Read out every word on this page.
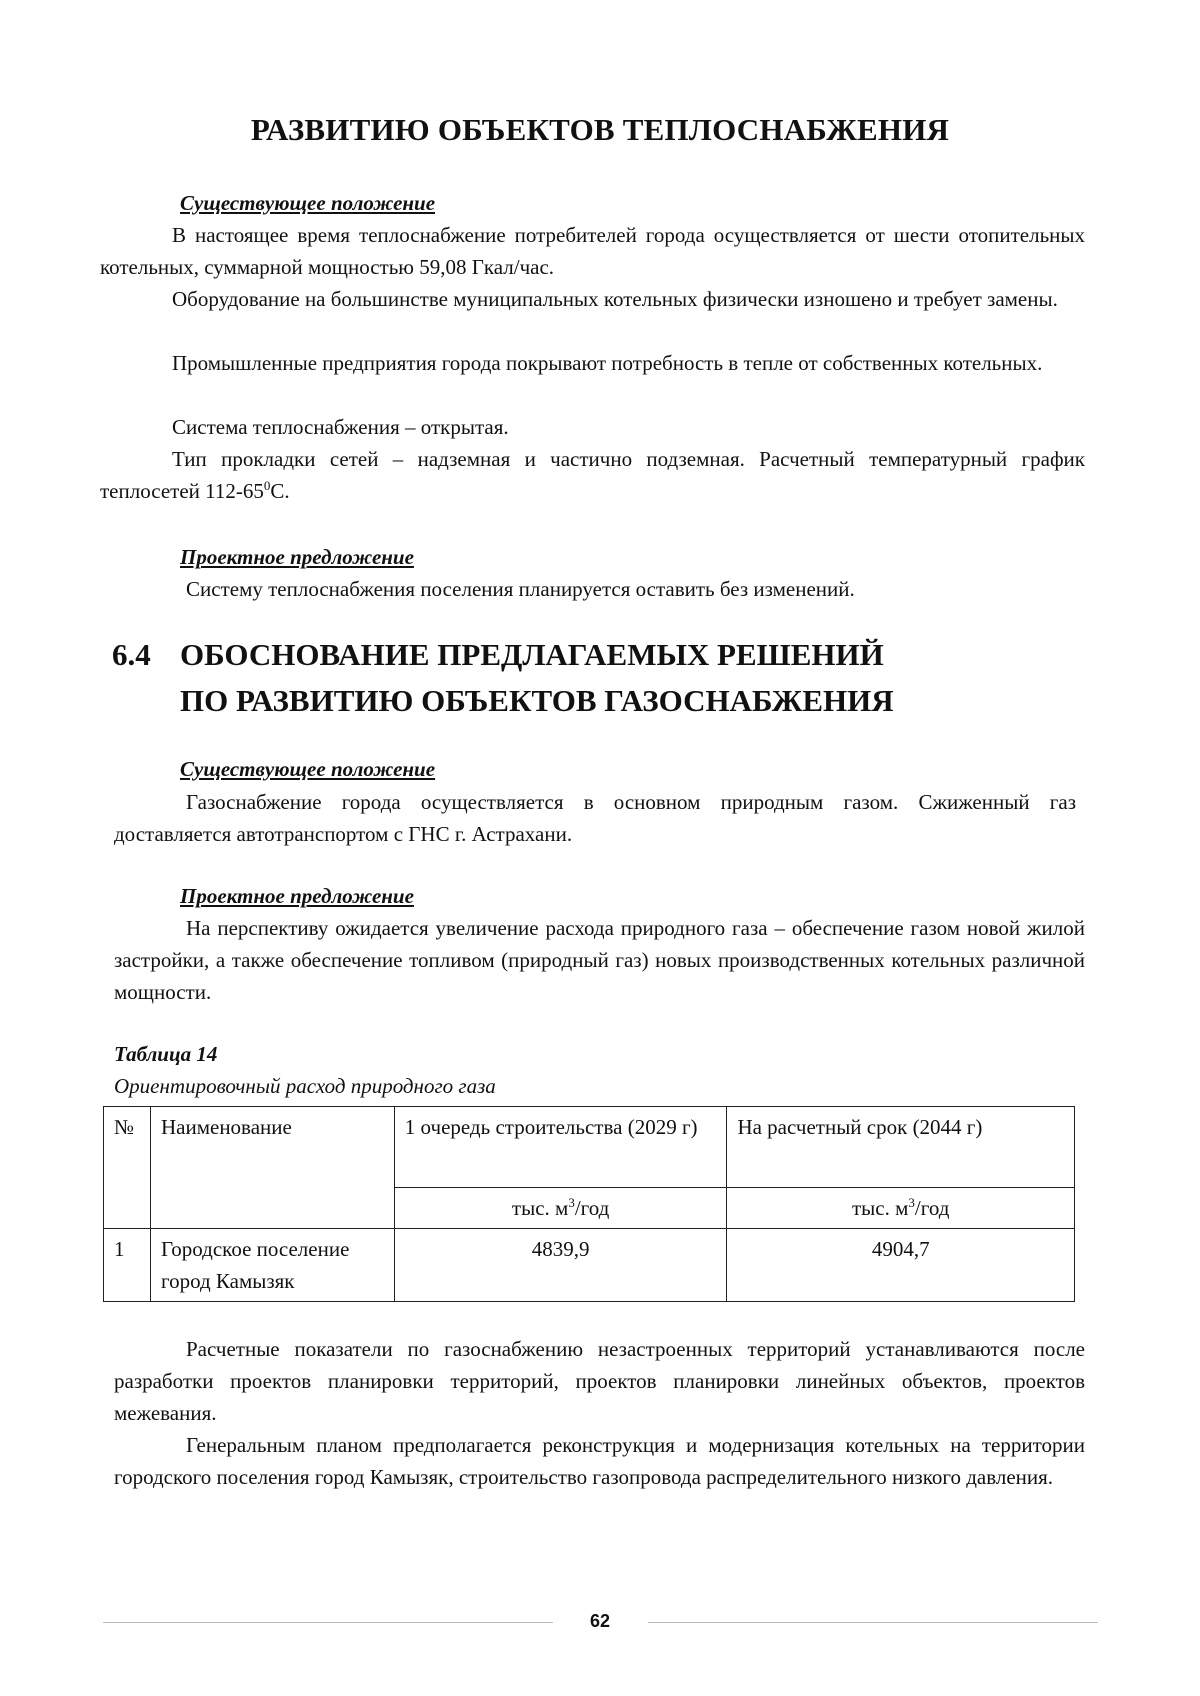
РАЗВИТИЮ ОБЪЕКТОВ ТЕПЛОСНАБЖЕНИЯ
Существующее положение
В настоящее время теплоснабжение потребителей города осуществляется от шести отопительных котельных, суммарной мощностью 59,08 Гкал/час.
Оборудование на большинстве муниципальных котельных физически изношено и требует замены.
Промышленные предприятия города покрывают потребность в тепле от собственных котельных.
Система теплоснабжения – открытая.
Тип прокладки сетей – надземная и частично подземная. Расчетный температурный график теплосетей $112-65^0С$.
Проектное предложение
Систему теплоснабжения поселения планируется оставить без изменений.
6.4 ОБОСНОВАНИЕ ПРЕДЛАГАЕМЫХ РЕШЕНИЙ
ПО РАЗВИТИЮ ОБЪЕКТОВ ГАЗОСНАБЖЕНИЯ
Существующее положение
Газоснабжение города осуществляется в основном природным газом. Сжиженный газ доставляется автотранспортом с ГНС г. Астрахани.
Проектное предложение
На перспективу ожидается увеличение расхода природного газа – обеспечение газом новой жилой застройки, а также обеспечение топливом (природный газ) новых производственных котельных различной мощности.
Таблица 14
Ориентировочный расход природного газа
№	Наименование	1 очередь строительства (2029 г)	На расчетный срок (2044 г)
		тыс. $м^3$/год	тыс. $м^3$/год
1	Городское поселение город Камызяк	4839,9	4904,7
Расчетные показатели по газоснабжению незастроенных территорий устанавливаются после разработки проектов планировки территорий, проектов планировки линейных объектов, проектов межевания.
Генеральным планом предполагается реконструкция и модернизация котельных на территории городского поселения город Камызяк, строительство газопровода распределительного низкого давления.
62
